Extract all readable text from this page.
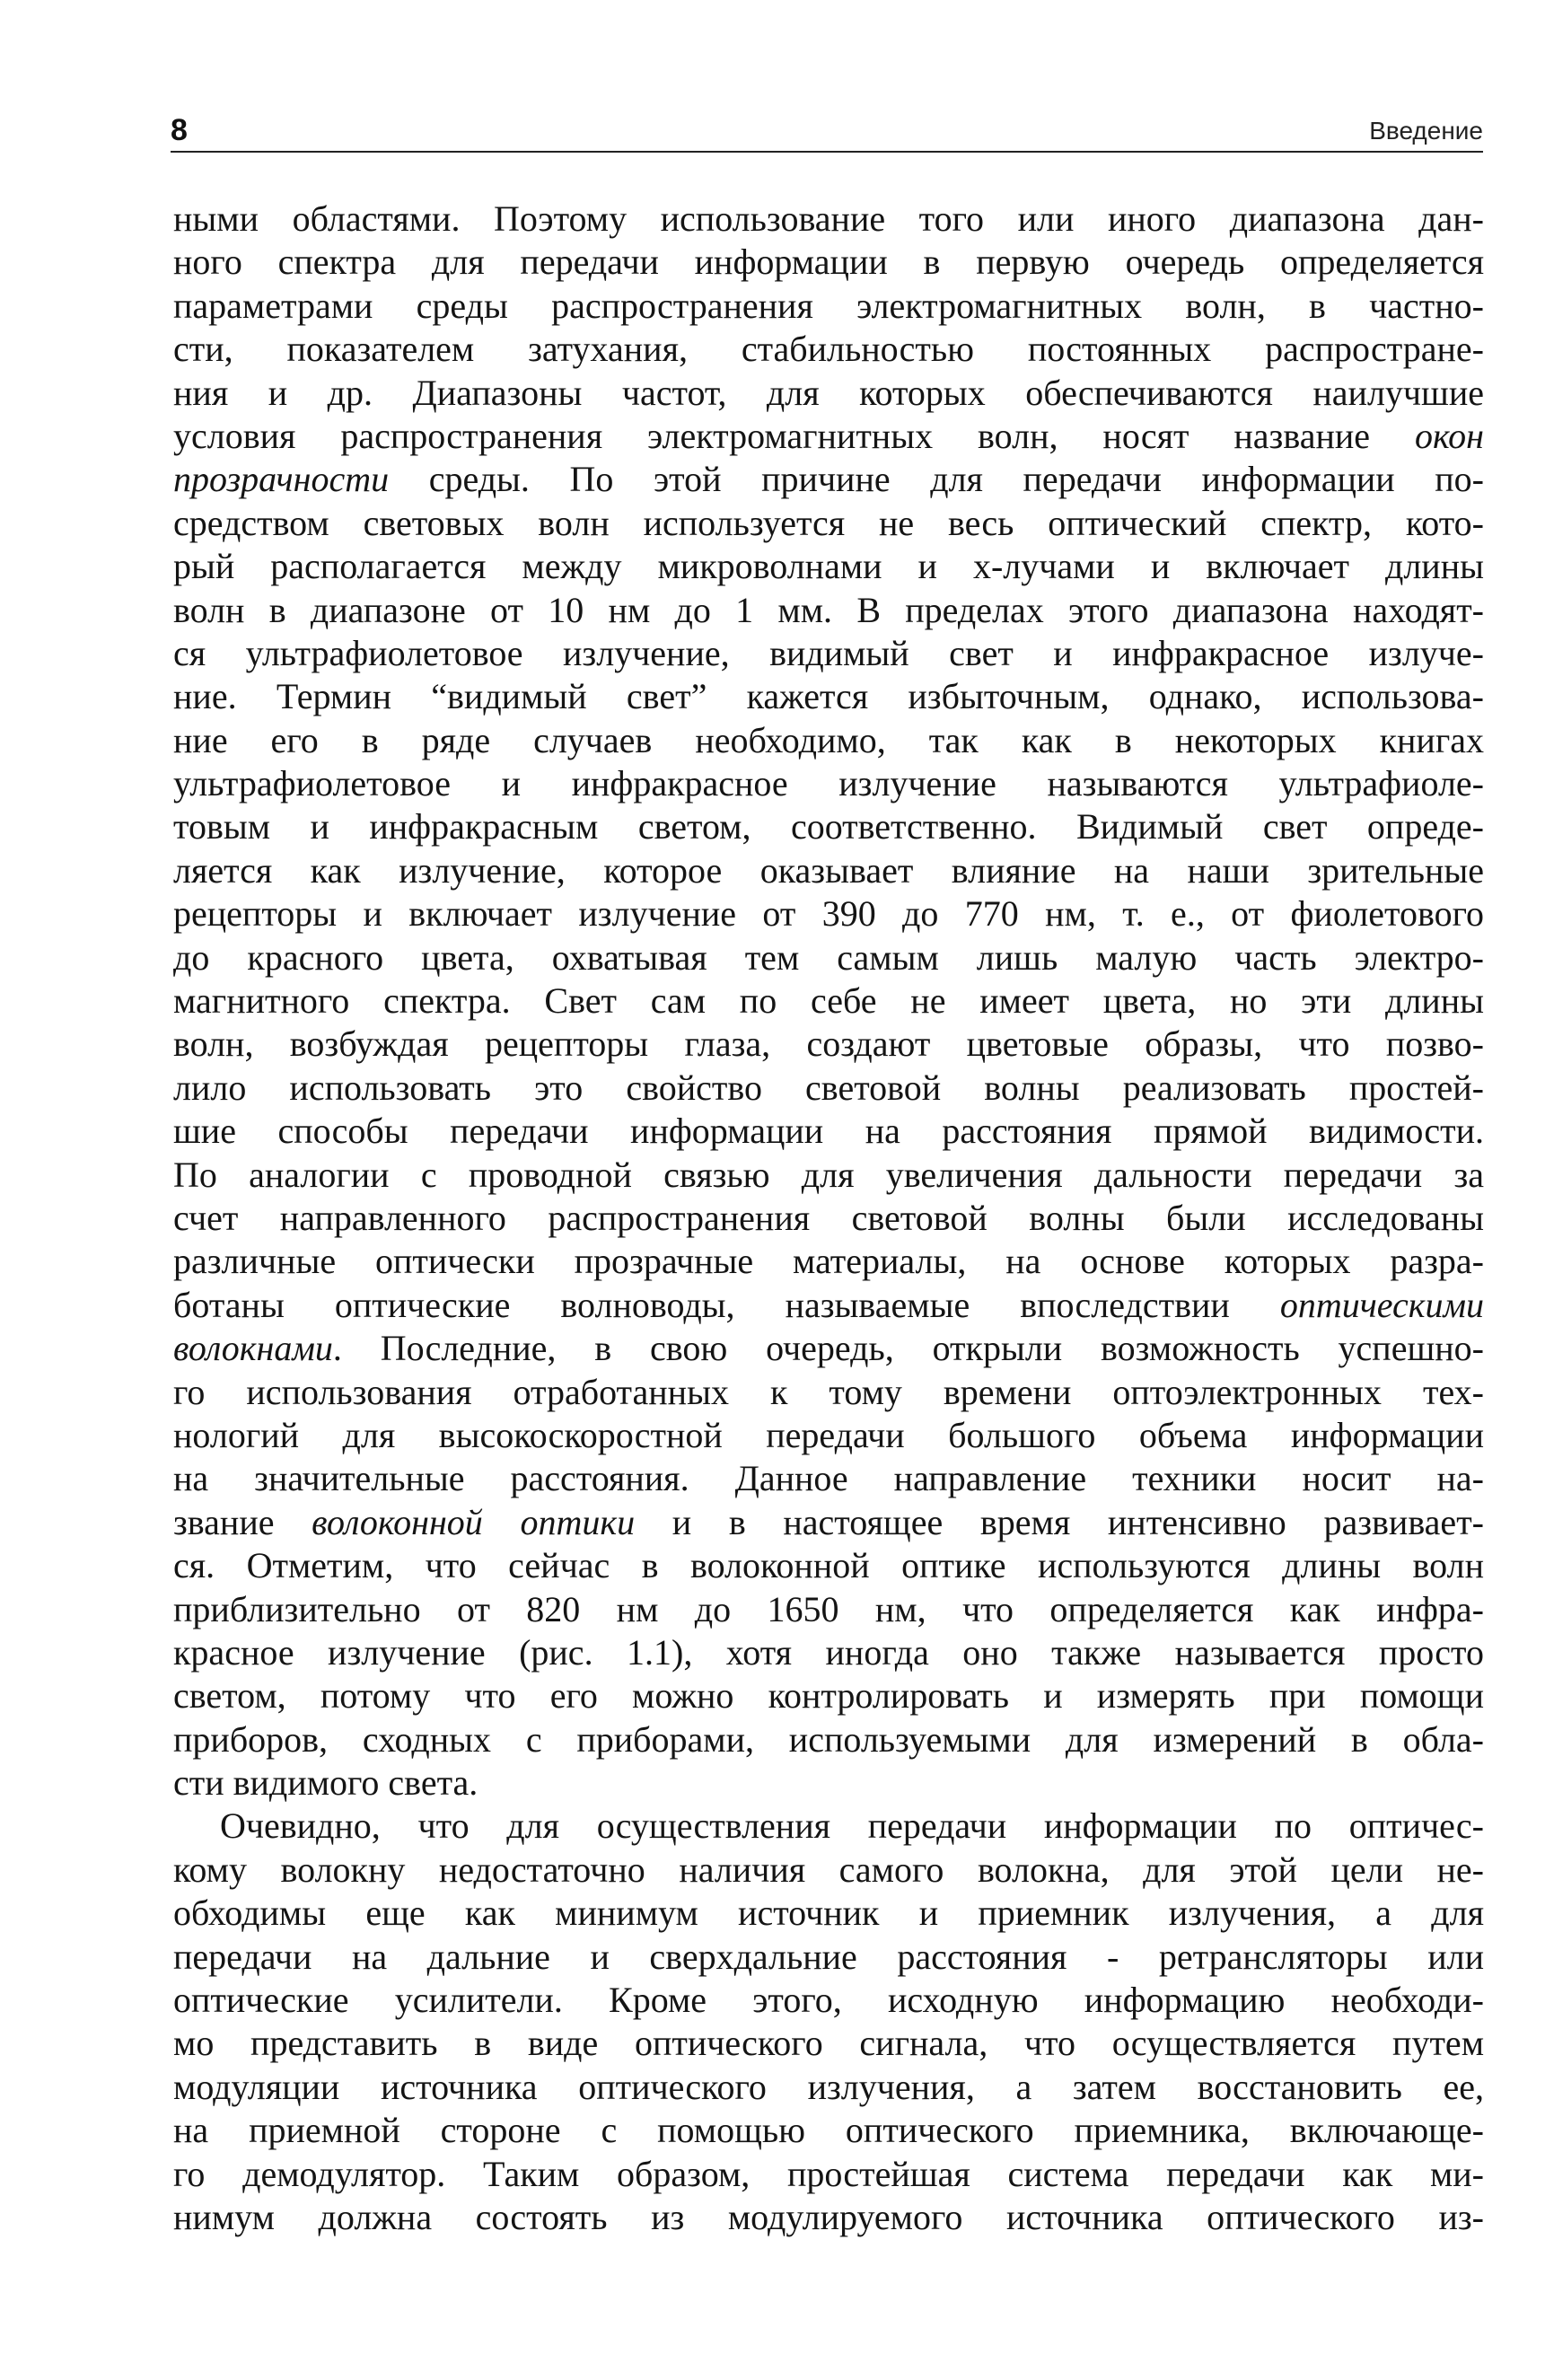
8	Введение
ными областями. Поэтому использование того или иного диапазона дан-
ного спектра для передачи информации в первую очередь определяется
параметрами среды распространения электромагнитных волн, в частно-
сти, показателем затухания, стабильностью постоянных распростране-
ния и др. Диапазоны частот, для которых обеспечиваются наилучшие
условия распространения электромагнитных волн, носят название окон
прозрачности среды. По этой причине для передачи информации по-
средством световых волн используется не весь оптический спектр, кото-
рый располагается между микроволнами и х-лучами и включает длины
волн в диапазоне от 10 нм до 1 мм. В пределах этого диапазона находят-
ся ультрафиолетовое излучение, видимый свет и инфракрасное излуче-
ние. Термин “видимый свет” кажется избыточным, однако, использова-
ние его в ряде случаев необходимо, так как в некоторых книгах
ультрафиолетовое и инфракрасное излучение называются ультрафиоле-
товым и инфракрасным светом, соответственно. Видимый свет опреде-
ляется как излучение, которое оказывает влияние на наши зрительные
рецепторы и включает излучение от 390 до 770 нм, т. е., от фиолетового
до красного цвета, охватывая тем самым лишь малую часть электро-
магнитного спектра. Свет сам по себе не имеет цвета, но эти длины
волн, возбуждая рецепторы глаза, создают цветовые образы, что позво-
лило использовать это свойство световой волны реализовать простей-
шие способы передачи информации на расстояния прямой видимости.
По аналогии с проводной связью для увеличения дальности передачи за
счет направленного распространения световой волны были исследованы
различные оптически прозрачные материалы, на основе которых разра-
ботаны оптические волноводы, называемые впоследствии оптическими
волокнами. Последние, в свою очередь, открыли возможность успешно-
го использования отработанных к тому времени оптоэлектронных тех-
нологий для высокоскоростной передачи большого объема информации
на значительные расстояния. Данное направление техники носит на-
звание волоконной оптики и в настоящее время интенсивно развивает-
ся. Отметим, что сейчас в волоконной оптике используются длины волн
приблизительно от 820 нм до 1650 нм, что определяется как инфра-
красное излучение (рис. 1.1), хотя иногда оно также называется просто
светом, потому что его можно контролировать и измерять при помощи
приборов, сходных с приборами, используемыми для измерений в обла-
сти видимого света.
Очевидно, что для осуществления передачи информации по оптичес-
кому волокну недостаточно наличия самого волокна, для этой цели не-
обходимы еще как минимум источник и приемник излучения, а для
передачи на дальние и сверхдальние расстояния - ретрансляторы или
оптические усилители. Кроме этого, исходную информацию необходи-
мо представить в виде оптического сигнала, что осуществляется путем
модуляции источника оптического излучения, а затем восстановить ее,
на приемной стороне с помощью оптического приемника, включающе-
го демодулятор. Таким образом, простейшая система передачи как ми-
нимум должна состоять из модулируемого источника оптического из-
